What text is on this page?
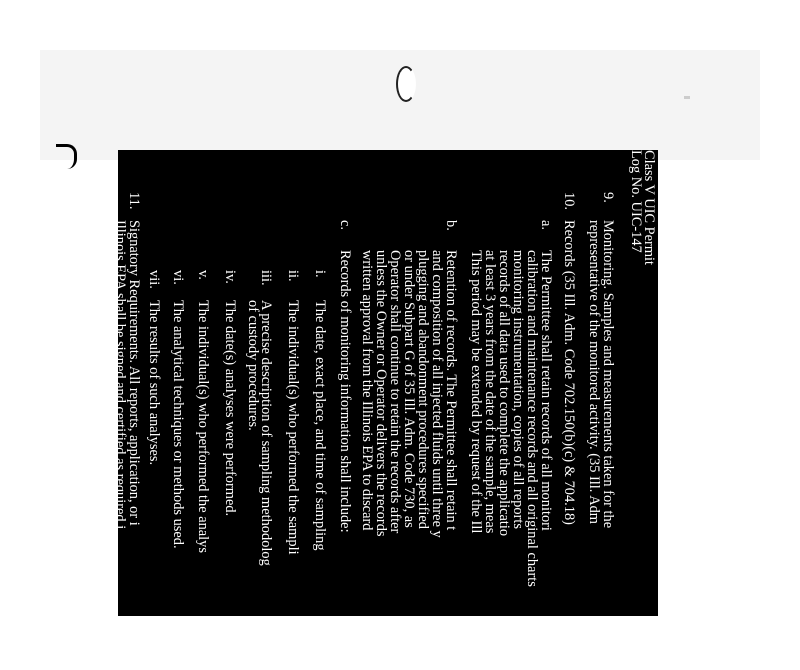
Class V UIC Permit
Log No. UIC-147
9.
Monitoring. Samples and measurements taken for the
representative of the monitored activity. (35 Ill. Adm
10.
Records (35 Ill. Adm. Code 702.150(b)(c) & 704.18)
a.
The Permittee shall retain records of all monitori
calibration and maintenance records and all original charts
monitoring instrumentation, copies of all reports
records of all data used to complete the applicatio
at least 3 years from the date of the sample, meas
This period may be extended by request of the Ill
b.
Retention of records. The Permittee shall retain t
and composition of all injected fluids until three y
plugging and abandonment procedures specified
or under Subpart G of 35 Ill. Adm. Code 730, as
Operator shall continue to retain the records after
unless the Owner or Operator delivers the records
written approval from the Illinois EPA to discard
c.
Records of monitoring information shall include:
i.
The date, exact place, and time of sampling
ii.
The individual(s) who performed the sampli
iii.
A precise description of sampling methodolog
of custody procedures.
iv.
The date(s) analyses were performed.
v.
The individual(s) who performed the analys
vi.
The analytical techniques or methods used.
vii.
The results of such analyses.
11.
Signatory Requirements. All reports, application, or i
Illinois EPA shall be signed and certified as required i
(35 Ill. Adm. Code 702.151)
